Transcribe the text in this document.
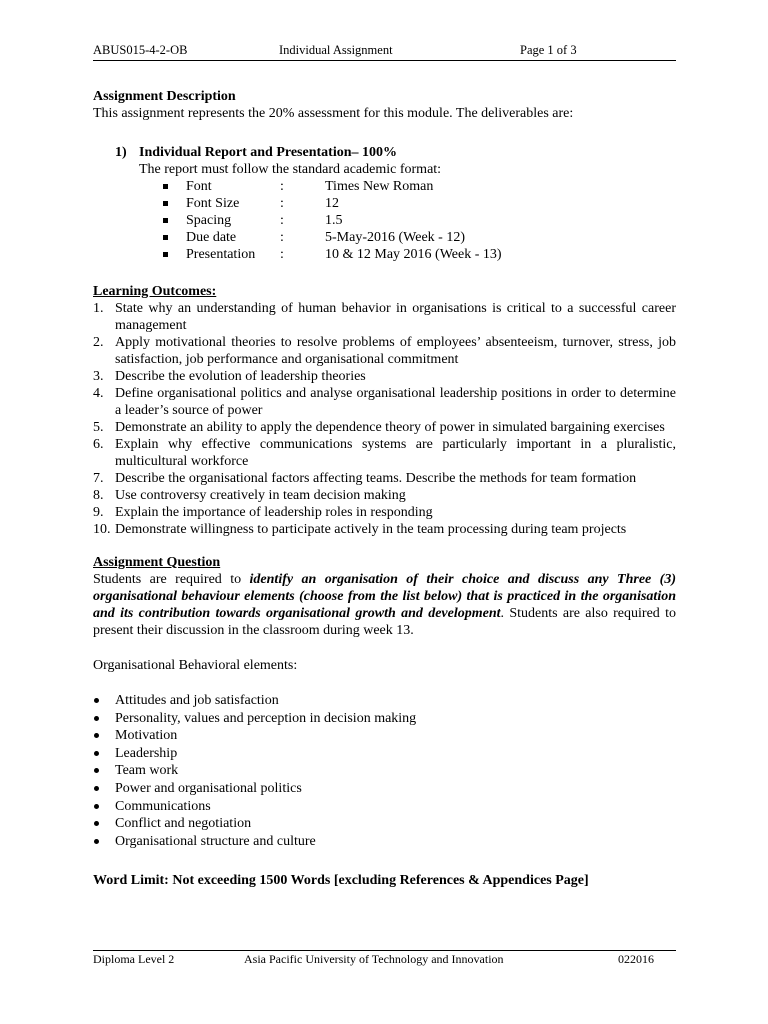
ABUS015-4-2-OB	Individual Assignment	Page 1 of 3
Assignment Description
This assignment represents the 20% assessment for this module. The deliverables are:
1) Individual Report and Presentation– 100%
The report must follow the standard academic format:
Font	:	Times New Roman
Font Size	:	12
Spacing	:	1.5
Due date	:	5-May-2016 (Week - 12)
Presentation :	10 & 12 May 2016 (Week - 13)
Learning Outcomes:
1. State why an understanding of human behavior in organisations is critical to a successful career management
2. Apply motivational theories to resolve problems of employees’ absenteeism, turnover, stress, job satisfaction, job performance and organisational commitment
3. Describe the evolution of leadership theories
4. Define organisational politics and analyse organisational leadership positions in order to determine a leader’s source of power
5. Demonstrate an ability to apply the dependence theory of power in simulated bargaining exercises
6. Explain why effective communications systems are particularly important in a pluralistic, multicultural workforce
7. Describe the organisational factors affecting teams. Describe the methods for team formation
8. Use controversy creatively in team decision making
9. Explain the importance of leadership roles in responding
10. Demonstrate willingness to participate actively in the team processing during team projects
Assignment Question
Students are required to identify an organisation of their choice and discuss any Three (3) organisational behaviour elements (choose from the list below) that is practiced in the organisation and its contribution towards organisational growth and development. Students are also required to present their discussion in the classroom during week 13.
Organisational Behavioral elements:
Attitudes and job satisfaction
Personality, values and perception in decision making
Motivation
Leadership
Team work
Power and organisational politics
Communications
Conflict and negotiation
Organisational structure and culture
Word Limit: Not exceeding 1500 Words [excluding References & Appendices Page]
Diploma Level 2	Asia Pacific University of Technology and Innovation	022016
